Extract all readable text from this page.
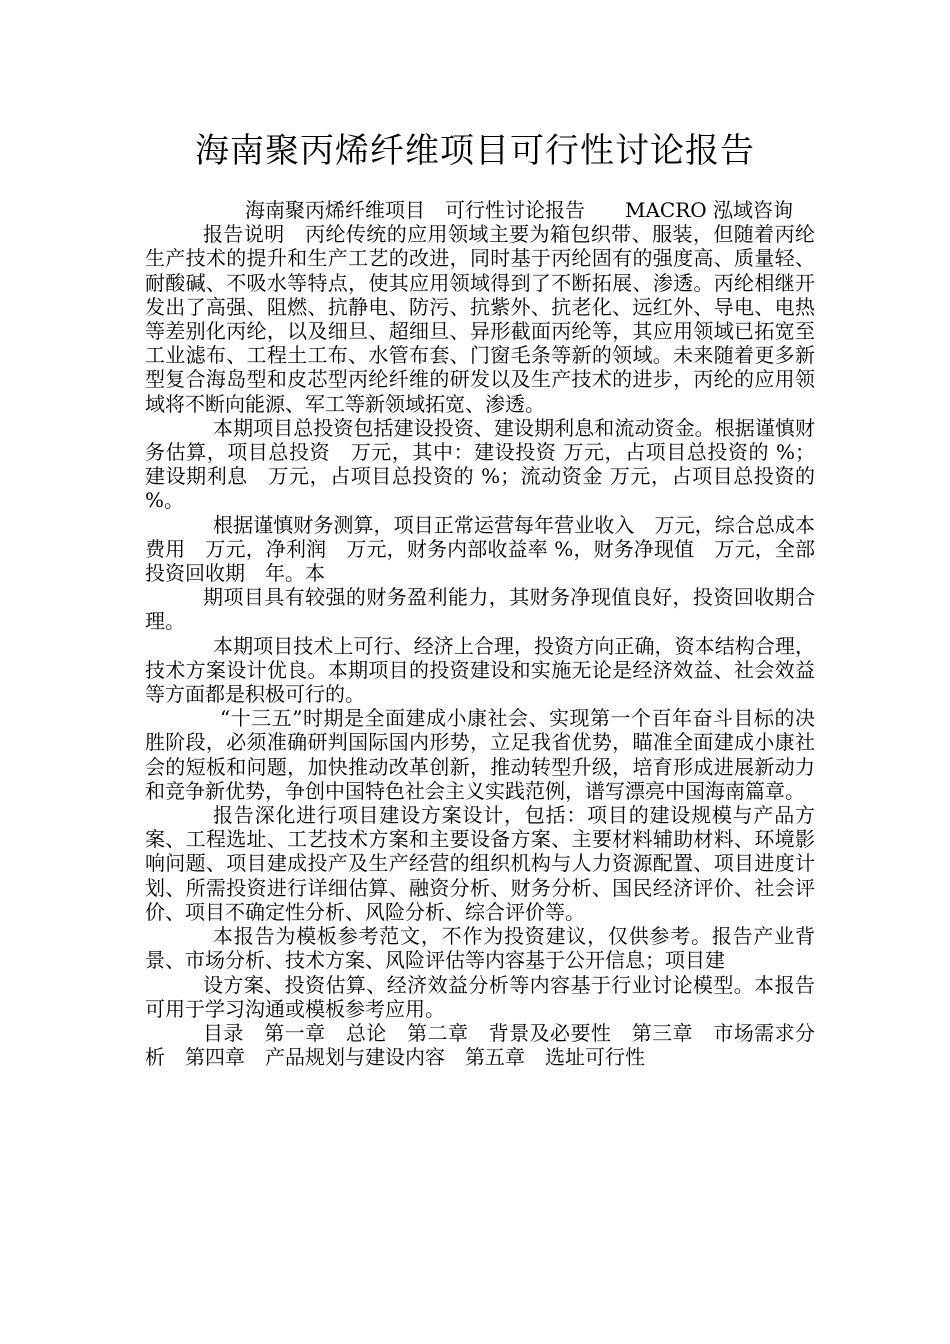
海南聚丙烯纤维项目可行性讨论报告

海南聚丙烯纤维项目　可行性讨论报告　　MACRO 泓域咨询

报告说明　丙纶传统的应用领域主要为箱包织带、服装，但随着丙纶生产技术的提升和生产工艺的改进，同时基于丙纶固有的强度高、质量轻、耐酸碱、不吸水等特点，使其应用领域得到了不断拓展、渗透。丙纶相继开发出了高强、阻燃、抗静电、防污、抗紫外、抗老化、远红外、导电、电热等差别化丙纶，以及细旦、超细旦、异形截面丙纶等，其应用领域已拓宽至工业滤布、工程土工布、水管布套、门窗毛条等新的领域。未来随着更多新型复合海岛型和皮芯型丙纶纤维的研发以及生产技术的进步，丙纶的应用领域将不断向能源、军工等新领域拓宽、渗透。

本期项目总投资包括建设投资、建设期利息和流动资金。根据谨慎财务估算，项目总投资　万元，其中：建设投资 万元，占项目总投资的 %；建设期利息　万元，占项目总投资的 %；流动资金 万元，占项目总投资的 %。

根据谨慎财务测算，项目正常运营每年营业收入　万元，综合总成本费用　万元，净利润　万元，财务内部收益率 %，财务净现值　万元，全部投资回收期　年。本

期项目具有较强的财务盈利能力，其财务净现值良好，投资回收期合理。

本期项目技术上可行、经济上合理，投资方向正确，资本结构合理，技术方案设计优良。本期项目的投资建设和实施无论是经济效益、社会效益等方面都是积极可行的。

“十三五”时期是全面建成小康社会、实现第一个百年奋斗目标的决胜阶段，必须准确研判国际国内形势，立足我省优势，瞄准全面建成小康社会的短板和问题，加快推动改革创新，推动转型升级，培育形成进展新动力和竞争新优势，争创中国特色社会主义实践范例，谱写漂亮中国海南篇章。

报告深化进行项目建设方案设计，包括：项目的建设规模与产品方案、工程选址、工艺技术方案和主要设备方案、主要材料辅助材料、环境影响问题、项目建成投产及生产经营的组织机构与人力资源配置、项目进度计划、所需投资进行详细估算、融资分析、财务分析、国民经济评价、社会评价、项目不确定性分析、风险分析、综合评价等。

本报告为模板参考范文，不作为投资建议，仅供参考。报告产业背景、市场分析、技术方案、风险评估等内容基于公开信息；项目建

设方案、投资估算、经济效益分析等内容基于行业讨论模型。本报告可用于学习沟通或模板参考应用。

目录　第一章　总论　第二章　背景及必要性　第三章　市场需求分析　第四章　产品规划与建设内容　第五章　选址可行性
